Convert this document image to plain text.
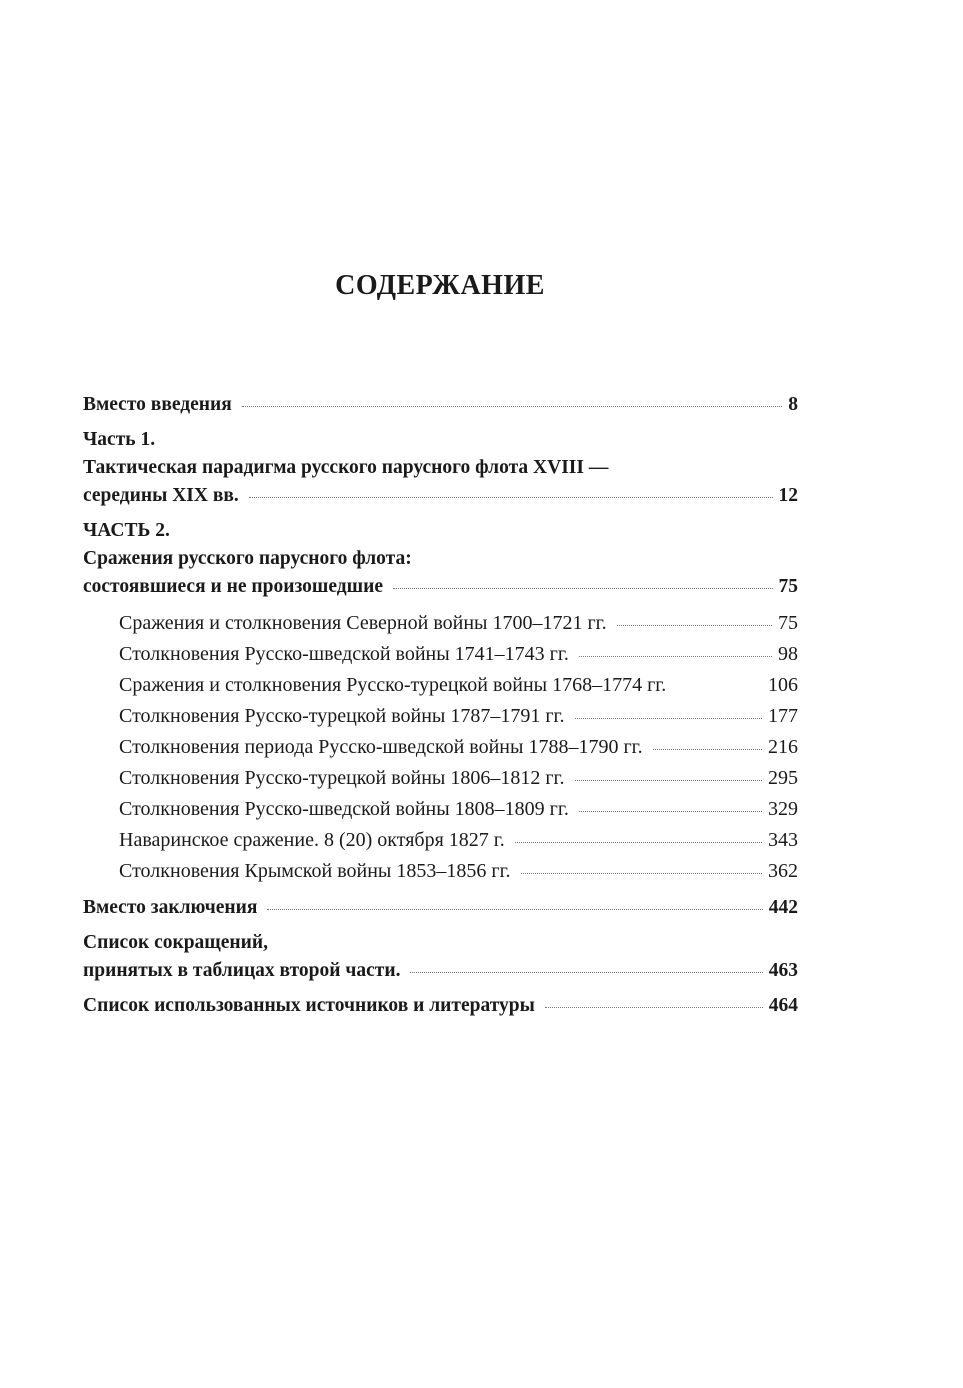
СОДЕРЖАНИЕ
Вместо введения	8
Часть 1.
Тактическая парадигма русского парусного флота XVIII —
середины XIX вв.	12
ЧАСТЬ 2.
Сражения русского парусного флота:
состоявшиеся и не произошедшие	75
Сражения и столкновения Северной войны 1700–1721 гг.	75
Столкновения Русско-шведской войны 1741–1743 гг.	98
Сражения и столкновения Русско-турецкой войны 1768–1774 гг.	106
Столкновения Русско-турецкой войны 1787–1791 гг.	177
Столкновения периода Русско-шведской войны 1788–1790 гг.	216
Столкновения Русско-турецкой войны 1806–1812 гг.	295
Столкновения Русско-шведской войны 1808–1809 гг.	329
Наваринское сражение. 8 (20) октября 1827 г.	343
Столкновения Крымской войны 1853–1856 гг.	362
Вместо заключения	442
Список сокращений,
принятых в таблицах второй части.	463
Список использованных источников и литературы	464
